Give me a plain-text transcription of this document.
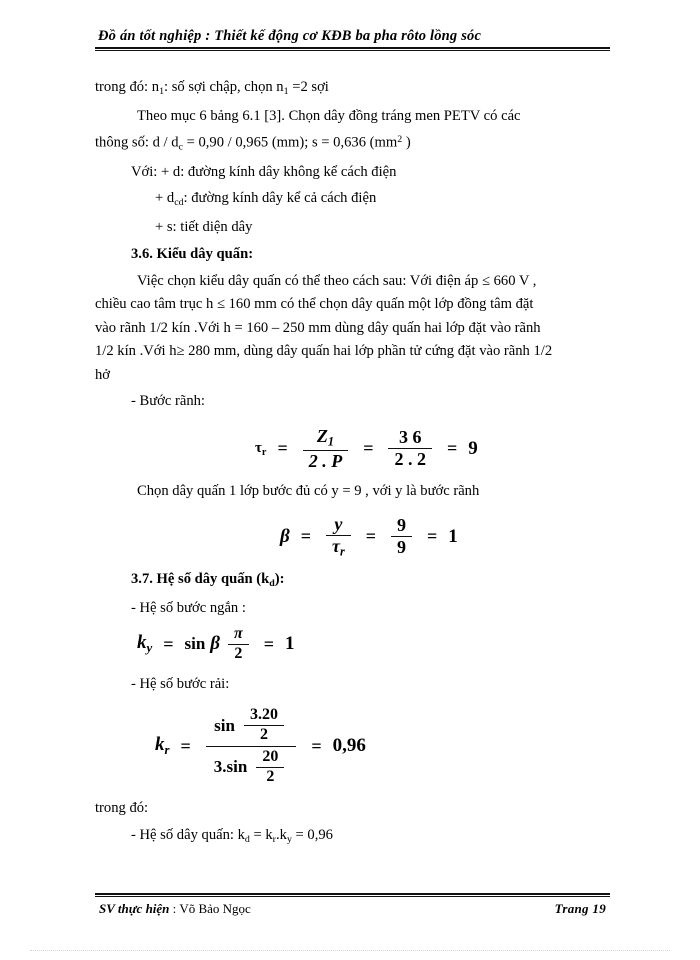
Đồ án tốt nghiệp : Thiết kế động cơ KĐB ba pha rôto lồng sóc
trong đó: $n_1$: số sợi chập, chọn $n_1 =2$ sợi
Theo mục 6 bảng 6.1 [3]. Chọn dây đồng tráng men PETV có các
thông số: $d / d_c = 0,90 / 0,965$ (mm); s = 0,636 ($mm^2$ )
Với: + d: đường kính dây không kể cách điện
+ $d_{cd}$: đường kính dây kể cả cách điện
+ s: tiết diện dây
3.6. Kiểu dây quấn:
Việc chọn kiểu dây quấn có thể theo cách sau: Với điện áp ≤ 660 V ,
chiều cao tâm trục h ≤ 160 mm có thể chọn dây quấn một lớp đồng tâm đặt
vào rãnh 1/2 kín .Với h = 160 – 250 mm dùng dây quấn hai lớp đặt vào rãnh
1/2 kín .Với h≥ 280 mm, dùng dây quấn hai lớp phần tử cứng đặt vào rãnh 1/2
hở
- Bước rãnh:
$\tau_r = \frac{Z_1}{2 . P} = \frac{3 6}{2 . 2} = 9$
Chọn dây quấn 1 lớp bước đủ có y = 9 , với y là bước rãnh
$\beta = \frac{y}{\tau_r} = \frac{9}{9} = 1$
3.7. Hệ số dây quấn $(k_d)$:
- Hệ số bước ngắn :
$k_y = \sin \beta \frac{\pi}{2} = 1$
- Hệ số bước rải:
$k_r$ =
$\sin \frac{3.20}{2}$
$3.\sin \frac{20}{2}$
= 0,96
trong đó:
- Hệ số dây quấn: $k_d = k_r.k_y = 0,96$
SV thực hiện : Võ Bảo Ngọc	Trang 19
